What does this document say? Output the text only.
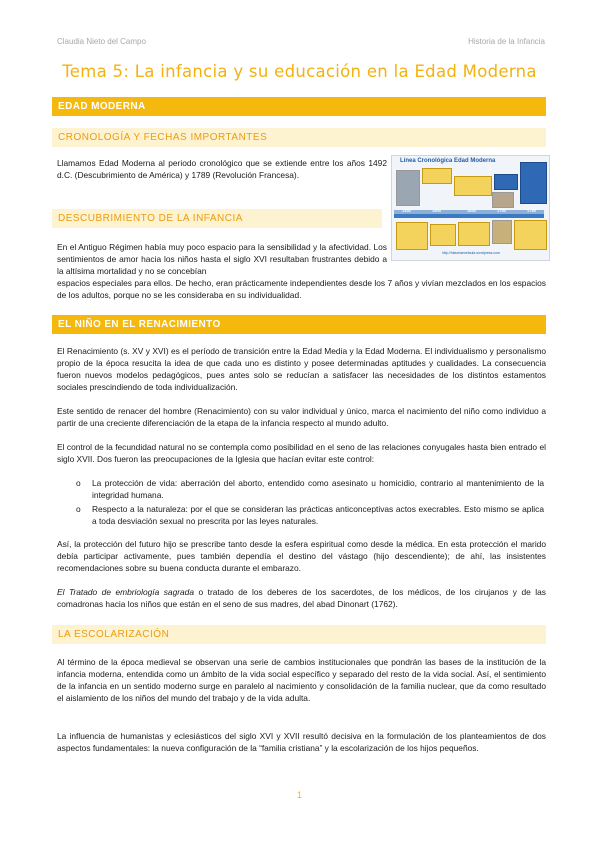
Claudia Nieto del Campo	Historia de la Infancia
Tema 5: La infancia y su educación en la Edad Moderna
EDAD MODERNA
CRONOLOGÍA Y FECHAS IMPORTANTES

Llamamos Edad Moderna al periodo cronológico que se extiende entre los años 1492 d.C. (Descubrimiento de América) y 1789 (Revolución Francesa).

DESCUBRIMIENTO DE LA INFANCIA

En el Antiguo Régimen había muy poco espacio para la sensibilidad y la afectividad. Los sentimientos de amor hacia los niños hasta el siglo XVI resultaban frustrantes debido a la altísima mortalidad y no se concebían

espacios especiales para ellos. De hecho, eran prácticamente independientes desde los 7 años y vivían mezclados en los espacios de los adultos, porque no se les consideraba en su individualidad.

Línea Cronológica Edad Moderna
1492	1500	1600	1700	1789
http://historiaenelaula.wordpress.com
EL NIÑO EN EL RENACIMIENTO

El Renacimiento (s. XV y XVI) es el período de transición entre la Edad Media y la Edad Moderna. El individualismo y personalismo propio de la época resucita la idea de que cada uno es distinto y posee determinadas aptitudes y cualidades. La consecuencia fueron nuevos modelos pedagógicos, pues antes solo se reducían a satisfacer las necesidades de los distintos estamentos sociales prescindiendo de toda individualización.

Este sentido de renacer del hombre (Renacimiento) con su valor individual y único, marca el nacimiento del niño como individuo a partir de una creciente diferenciación de la etapa de la infancia respecto al mundo adulto.

El control de la fecundidad natural no se contempla como posibilidad en el seno de las relaciones conyugales hasta bien entrado el siglo XVII. Dos fueron las preocupaciones de la Iglesia que hacían evitar este control:

o La protección de vida: aberración del aborto, entendido como asesinato u homicidio, contrario al mantenimiento de la integridad humana.

o Respecto a la naturaleza: por el que se consideran las prácticas anticonceptivas actos execrables. Esto mismo se aplica a toda desviación sexual no prescrita por las leyes naturales.

Así, la protección del futuro hijo se prescribe tanto desde la esfera espiritual como desde la médica. En esta protección el marido debía participar activamente, pues también dependía el destino del vástago (hijo descendiente); de ahí, las insistentes recomendaciones sobre su buena conducta durante el embarazo.

El Tratado de embriología sagrada o tratado de los deberes de los sacerdotes, de los médicos, de los cirujanos y de las comadronas hacia los niños que están en el seno de sus madres, del abad Dinonart (1762).

LA ESCOLARIZACIÓN

Al término de la época medieval se observan una serie de cambios institucionales que pondrán las bases de la institución de la infancia moderna, entendida como un ámbito de la vida social específico y separado del resto de la vida social. Así, el sentimiento de la infancia en un sentido moderno surge en paralelo al nacimiento y consolidación de la familia nuclear, que da como resultado el aislamiento de los niños del mundo del trabajo y de la vida adulta.

La influencia de humanistas y eclesiásticos del siglo XVI y XVII resultó decisiva en la formulación de los planteamientos de dos aspectos fundamentales: la nueva configuración de la “familia cristiana” y la escolarización de los hijos pequeños.

1
